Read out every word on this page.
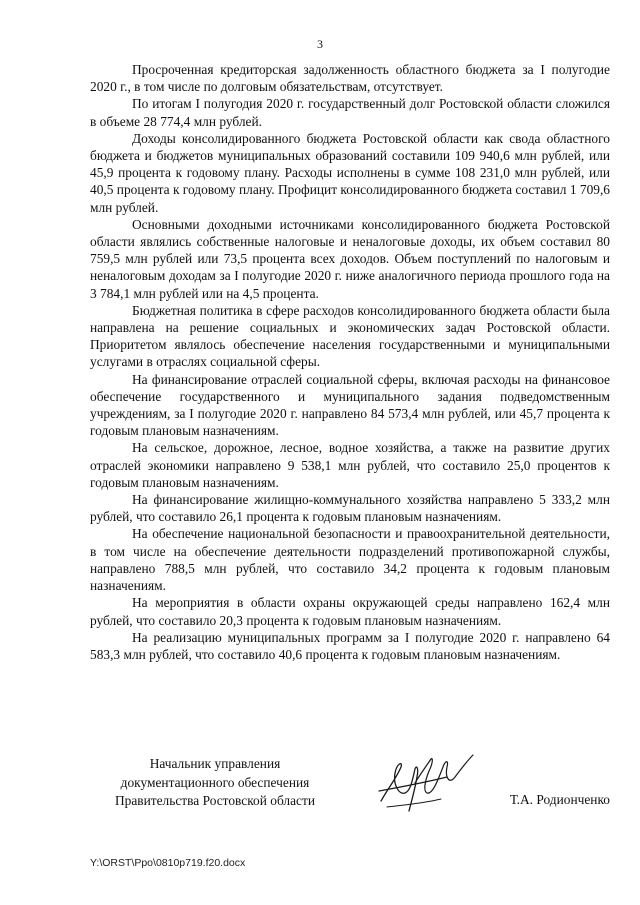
3

Просроченная кредиторская задолженность областного бюджета за I полугодие 2020 г., в том числе по долговым обязательствам, отсутствует.

По итогам I полугодия 2020 г. государственный долг Ростовской области сложился в объеме 28 774,4 млн рублей.

Доходы консолидированного бюджета Ростовской области как свода областного бюджета и бюджетов муниципальных образований составили 109 940,6 млн рублей, или 45,9 процента к годовому плану. Расходы исполнены в сумме 108 231,0 млн рублей, или 40,5 процента к годовому плану. Профицит консолидированного бюджета составил 1 709,6 млн рублей.

Основными доходными источниками консолидированного бюджета Ростовской области являлись собственные налоговые и неналоговые доходы, их объем составил 80 759,5 млн рублей или 73,5 процента всех доходов. Объем поступлений по налоговым и неналоговым доходам за I полугодие 2020 г. ниже аналогичного периода прошлого года на 3 784,1 млн рублей или на 4,5 процента.

Бюджетная политика в сфере расходов консолидированного бюджета области была направлена на решение социальных и экономических задач Ростовской области. Приоритетом являлось обеспечение населения государственными и муниципальными услугами в отраслях социальной сферы.

На финансирование отраслей социальной сферы, включая расходы на финансовое обеспечение государственного и муниципального задания подведомственным учреждениям, за I полугодие 2020 г. направлено 84 573,4 млн рублей, или 45,7 процента к годовым плановым назначениям.

На сельское, дорожное, лесное, водное хозяйства, а также на развитие других отраслей экономики направлено 9 538,1 млн рублей, что составило 25,0 процентов к годовым плановым назначениям.

На финансирование жилищно-коммунального хозяйства направлено 5 333,2 млн рублей, что составило 26,1 процента к годовым плановым назначениям.

На обеспечение национальной безопасности и правоохранительной деятельности, в том числе на обеспечение деятельности подразделений противопожарной службы, направлено 788,5 млн рублей, что составило 34,2 процента к годовым плановым назначениям.

На мероприятия в области охраны окружающей среды направлено 162,4 млн рублей, что составило 20,3 процента к годовым плановым назначениям.

На реализацию муниципальных программ за I полугодие 2020 г. направлено 64 583,3 млн рублей, что составило 40,6 процента к годовым плановым назначениям.

Начальник управления
документационного обеспечения
Правительства Ростовской области	Т.А. Родионченко
Y:\ORST\Ppo\0810p719.f20.docx
